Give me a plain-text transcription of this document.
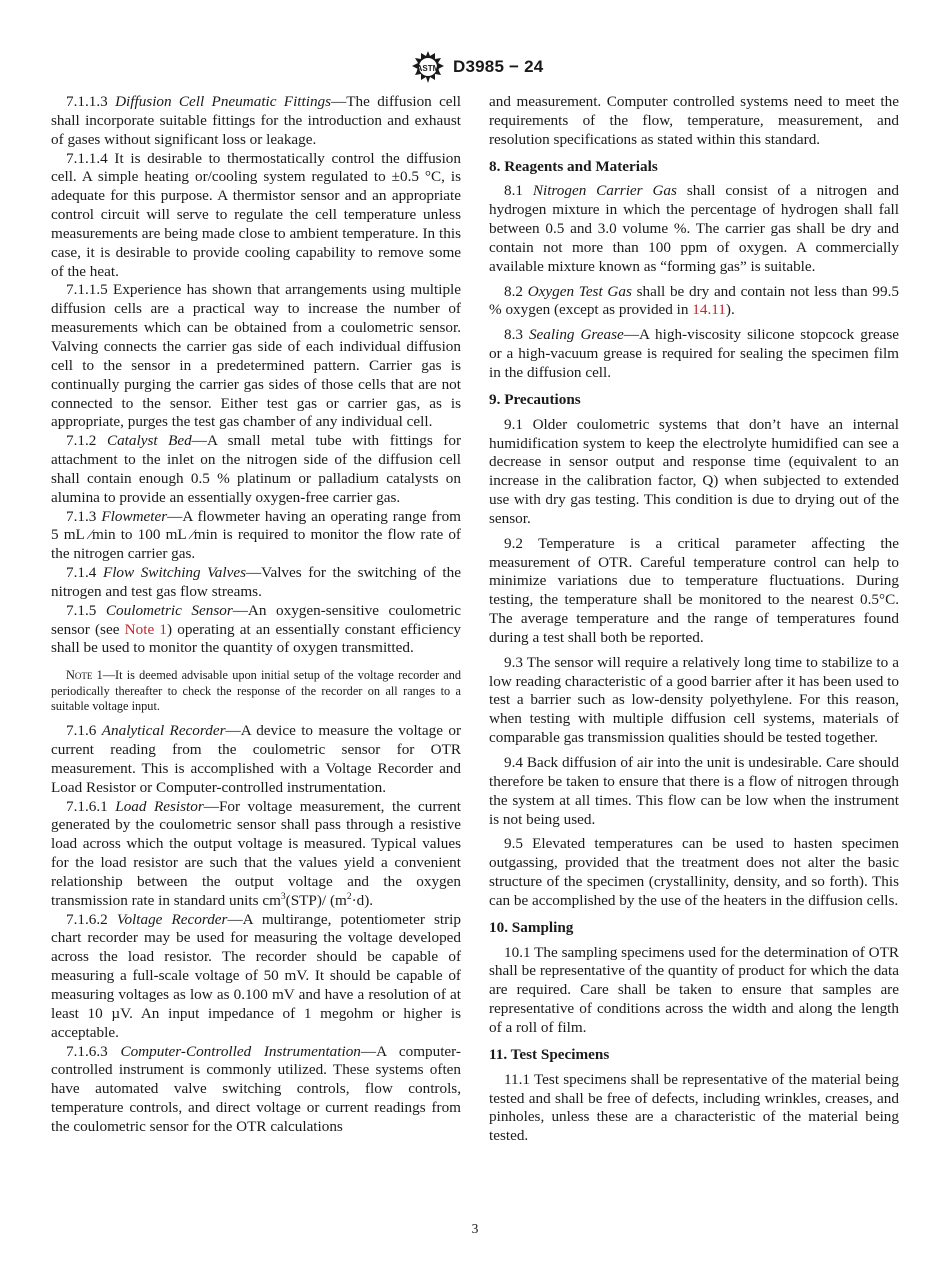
ASTM D3985 − 24

7.1.1.3 Diffusion Cell Pneumatic Fittings—The diffusion cell shall incorporate suitable fittings for the introduction and exhaust of gases without significant loss or leakage.

7.1.1.4 It is desirable to thermostatically control the diffusion cell. A simple heating or/cooling system regulated to ±0.5 °C, is adequate for this purpose. A thermistor sensor and an appropriate control circuit will serve to regulate the cell temperature unless measurements are being made close to ambient temperature. In this case, it is desirable to provide cooling capability to remove some of the heat.

7.1.1.5 Experience has shown that arrangements using multiple diffusion cells are a practical way to increase the number of measurements which can be obtained from a coulometric sensor. Valving connects the carrier gas side of each individual diffusion cell to the sensor in a predetermined pattern. Carrier gas is continually purging the carrier gas sides of those cells that are not connected to the sensor. Either test gas or carrier gas, as is appropriate, purges the test gas chamber of any individual cell.

7.1.2 Catalyst Bed—A small metal tube with fittings for attachment to the inlet on the nitrogen side of the diffusion cell shall contain enough 0.5 % platinum or palladium catalysts on alumina to provide an essentially oxygen-free carrier gas.

7.1.3 Flowmeter—A flowmeter having an operating range from 5 mL ⁄min to 100 mL ⁄min is required to monitor the flow rate of the nitrogen carrier gas.

7.1.4 Flow Switching Valves—Valves for the switching of the nitrogen and test gas flow streams.

7.1.5 Coulometric Sensor—An oxygen-sensitive coulometric sensor (see Note 1) operating at an essentially constant efficiency shall be used to monitor the quantity of oxygen transmitted.

Note 1—It is deemed advisable upon initial setup of the voltage recorder and periodically thereafter to check the response of the recorder on all ranges to a suitable voltage input.

7.1.6 Analytical Recorder—A device to measure the voltage or current reading from the coulometric sensor for OTR measurement. This is accomplished with a Voltage Recorder and Load Resistor or Computer-controlled instrumentation.

7.1.6.1 Load Resistor—For voltage measurement, the current generated by the coulometric sensor shall pass through a resistive load across which the output voltage is measured. Typical values for the load resistor are such that the values yield a convenient relationship between the output voltage and the oxygen transmission rate in standard units $cm^3(STP)/$ $(m^2\cdot d)$.

7.1.6.2 Voltage Recorder—A multirange, potentiometer strip chart recorder may be used for measuring the voltage developed across the load resistor. The recorder should be capable of measuring a full-scale voltage of 50 mV. It should be capable of measuring voltages as low as 0.100 mV and have a resolution of at least 10 µV. An input impedance of 1 megohm or higher is acceptable.

7.1.6.3 Computer-Controlled Instrumentation—A computer-controlled instrument is commonly utilized. These systems often have automated valve switching controls, flow controls, temperature controls, and direct voltage or current readings from the coulometric sensor for the OTR calculations

and measurement. Computer controlled systems need to meet the requirements of the flow, temperature, measurement, and resolution specifications as stated within this standard.

8. Reagents and Materials

8.1 Nitrogen Carrier Gas shall consist of a nitrogen and hydrogen mixture in which the percentage of hydrogen shall fall between 0.5 and 3.0 volume %. The carrier gas shall be dry and contain not more than 100 ppm of oxygen. A commercially available mixture known as “forming gas” is suitable.

8.2 Oxygen Test Gas shall be dry and contain not less than 99.5 % oxygen (except as provided in 14.11).

8.3 Sealing Grease—A high-viscosity silicone stopcock grease or a high-vacuum grease is required for sealing the specimen film in the diffusion cell.

9. Precautions

9.1 Older coulometric systems that don’t have an internal humidification system to keep the electrolyte humidified can see a decrease in sensor output and response time (equivalent to an increase in the calibration factor, Q) when subjected to extended use with dry gas testing. This condition is due to drying out of the sensor.

9.2 Temperature is a critical parameter affecting the measurement of OTR. Careful temperature control can help to minimize variations due to temperature fluctuations. During testing, the temperature shall be monitored to the nearest 0.5°C. The average temperature and the range of temperatures found during a test shall both be reported.

9.3 The sensor will require a relatively long time to stabilize to a low reading characteristic of a good barrier after it has been used to test a barrier such as low-density polyethylene. For this reason, when testing with multiple diffusion cell systems, materials of comparable gas transmission qualities should be tested together.

9.4 Back diffusion of air into the unit is undesirable. Care should therefore be taken to ensure that there is a flow of nitrogen through the system at all times. This flow can be low when the instrument is not being used.

9.5 Elevated temperatures can be used to hasten specimen outgassing, provided that the treatment does not alter the basic structure of the specimen (crystallinity, density, and so forth). This can be accomplished by the use of the heaters in the diffusion cells.

10. Sampling

10.1 The sampling specimens used for the determination of OTR shall be representative of the quantity of product for which the data are required. Care shall be taken to ensure that samples are representative of conditions across the width and along the length of a roll of film.

11. Test Specimens

11.1 Test specimens shall be representative of the material being tested and shall be free of defects, including wrinkles, creases, and pinholes, unless these are a characteristic of the material being tested.

3
